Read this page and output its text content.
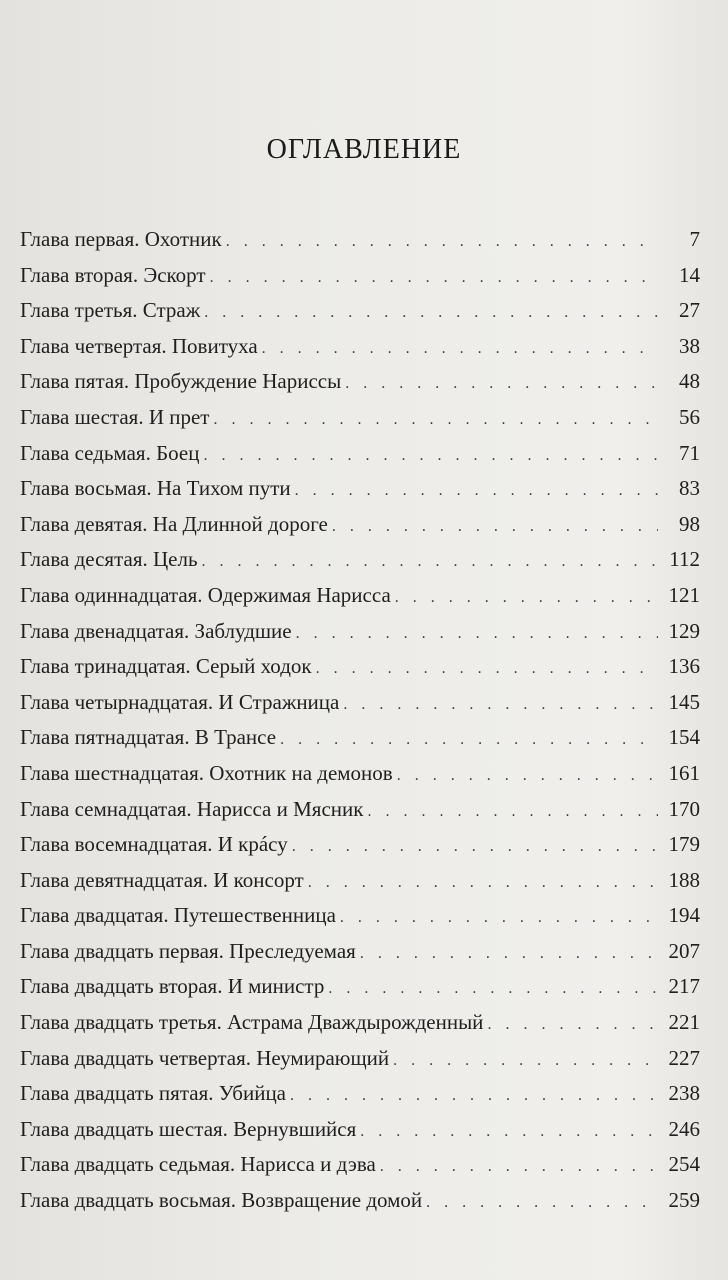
ОГЛАВЛЕНИЕ
Глава первая. Охотник . . .	7
Глава вторая. Эскорт . . .	14
Глава третья. Страж . . .	27
Глава четвертая. Повитуха . . .	38
Глава пятая. Пробуждение Нариссы . . .	48
Глава шестая. И прет . . .	56
Глава седьмая. Боец . . .	71
Глава восьмая. На Тихом пути . . .	83
Глава девятая. На Длинной дороге . . .	98
Глава десятая. Цель . . .	112
Глава одиннадцатая. Одержимая Нарисса . . .	121
Глава двенадцатая. Заблудшие . . .	129
Глава тринадцатая. Серый ходок . . .	136
Глава четырнадцатая. И Стражница . . .	145
Глава пятнадцатая. В Трансе . . .	154
Глава шестнадцатая. Охотник на демонов . . .	161
Глава семнадцатая. Нарисса и Мясник . . .	170
Глава восемнадцатая. И крáсу . . .	179
Глава девятнадцатая. И консорт . . .	188
Глава двадцатая. Путешественница . . .	194
Глава двадцать первая. Преследуемая . . .	207
Глава двадцать вторая. И министр . . .	217
Глава двадцать третья. Астрама Дваждырожденный . . .	221
Глава двадцать четвертая. Неумирающий . . .	227
Глава двадцать пятая. Убийца . . .	238
Глава двадцать шестая. Вернувшийся . . .	246
Глава двадцать седьмая. Нарисса и дэва . . .	254
Глава двадцать восьмая. Возвращение домой . . .	259
